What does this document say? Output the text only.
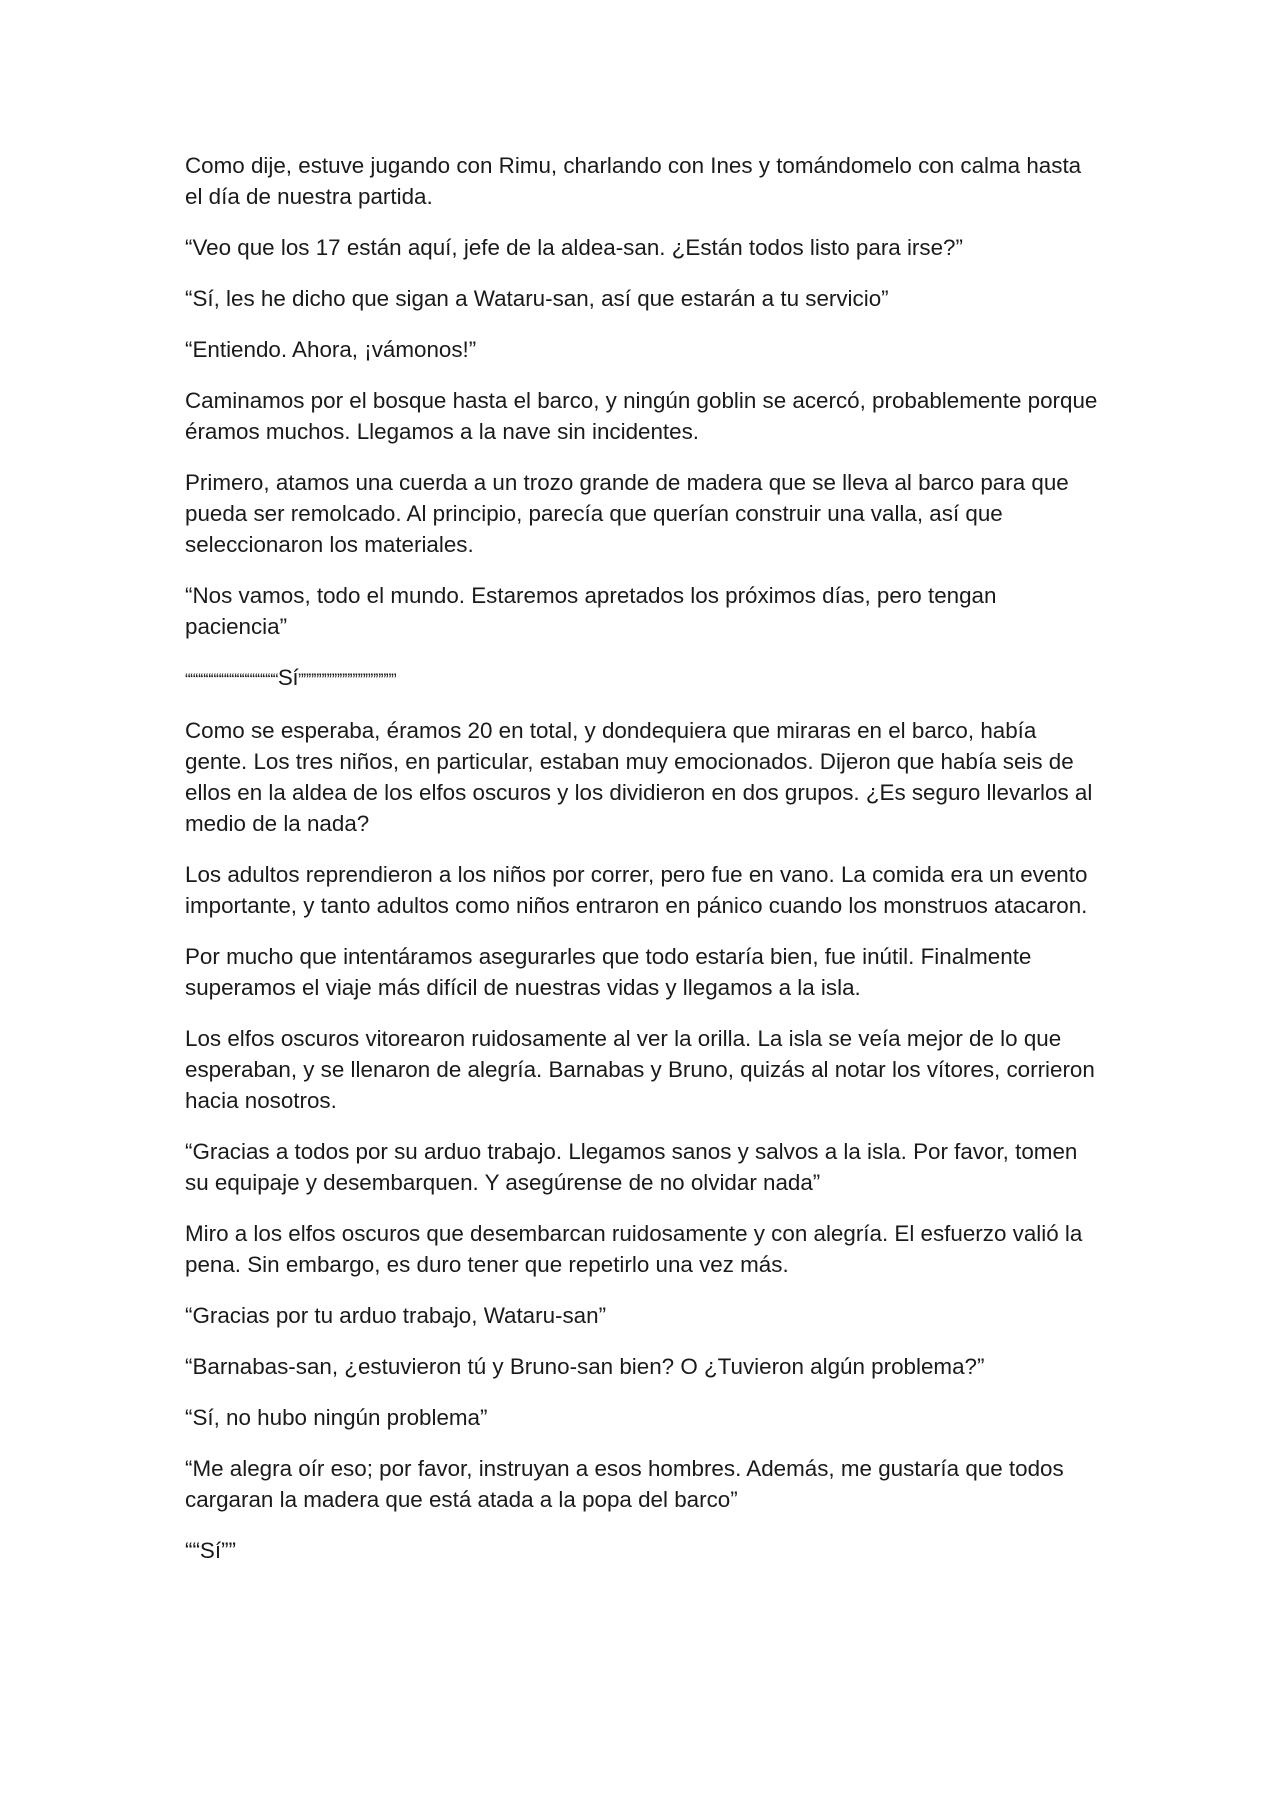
Como dije, estuve jugando con Rimu, charlando con Ines y tomándomelo con calma hasta el día de nuestra partida.

“Veo que los 17 están aquí, jefe de la aldea-san. ¿Están todos listo para irse?”

“Sí, les he dicho que sigan a Wataru-san, así que estarán a tu servicio”

“Entiendo. Ahora, ¡vámonos!”

Caminamos por el bosque hasta el barco, y ningún goblin se acercó, probablemente porque éramos muchos. Llegamos a la nave sin incidentes.

Primero, atamos una cuerda a un trozo grande de madera que se lleva al barco para que pueda ser remolcado. Al principio, parecía que querían construir una valla, así que seleccionaron los materiales.

“Nos vamos, todo el mundo. Estaremos apretados los próximos días, pero tengan paciencia”

““““““““““““““““““Sí”””””””””””””””””””

Como se esperaba, éramos 20 en total, y dondequiera que miraras en el barco, había gente. Los tres niños, en particular, estaban muy emocionados. Dijeron que había seis de ellos en la aldea de los elfos oscuros y los dividieron en dos grupos. ¿Es seguro llevarlos al medio de la nada?

Los adultos reprendieron a los niños por correr, pero fue en vano. La comida era un evento importante, y tanto adultos como niños entraron en pánico cuando los monstruos atacaron.

Por mucho que intentáramos asegurarles que todo estaría bien, fue inútil. Finalmente superamos el viaje más difícil de nuestras vidas y llegamos a la isla.

Los elfos oscuros vitorearon ruidosamente al ver la orilla. La isla se veía mejor de lo que esperaban, y se llenaron de alegría. Barnabas y Bruno, quizás al notar los vítores, corrieron hacia nosotros.

“Gracias a todos por su arduo trabajo. Llegamos sanos y salvos a la isla. Por favor, tomen su equipaje y desembarquen. Y asegúrense de no olvidar nada”

Miro a los elfos oscuros que desembarcan ruidosamente y con alegría. El esfuerzo valió la pena. Sin embargo, es duro tener que repetirlo una vez más.

“Gracias por tu arduo trabajo, Wataru-san”

“Barnabas-san, ¿estuvieron tú y Bruno-san bien? O ¿Tuvieron algún problema?”

“Sí, no hubo ningún problema”

“Me alegra oír eso; por favor, instruyan a esos hombres. Además, me gustaría que todos cargaran la madera que está atada a la popa del barco”

““Sí””
